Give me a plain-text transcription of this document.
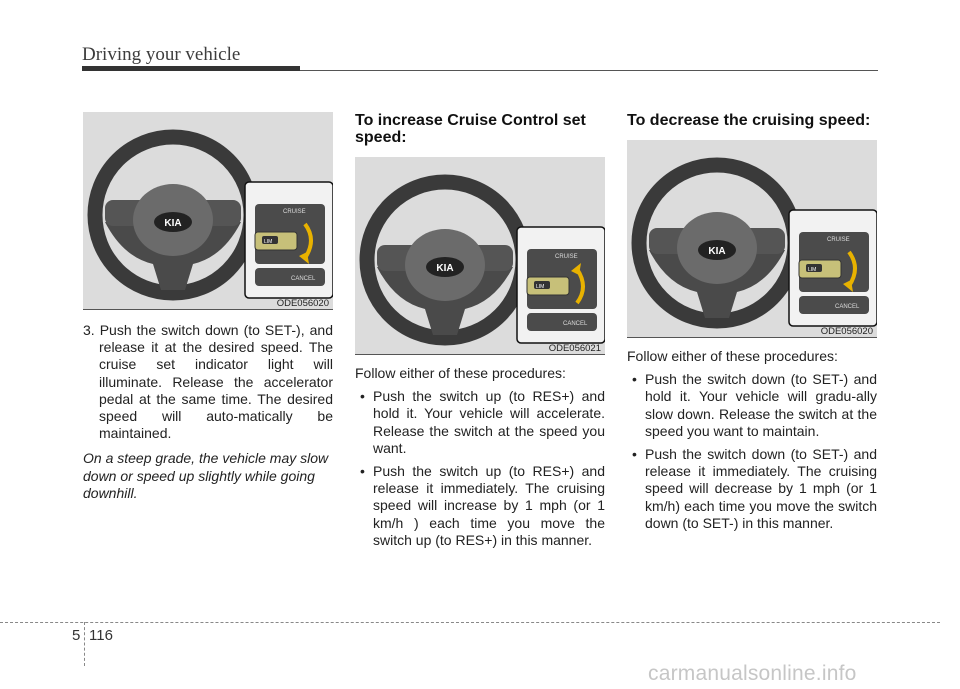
Driving your vehicle
KIA
LIM
CRUISE
CANCEL
ODE056020

3. Push the switch down (to SET-), and release it at the desired speed. The cruise set indicator light will illuminate. Release the accelerator pedal at the same time. The desired speed will auto-matically be maintained.

On a steep grade, the vehicle may slow down or speed up slightly while going downhill.

To increase Cruise Control set speed:
KIA
LIM
CRUISE
CANCEL
ODE056021

Follow either of these procedures:

• Push the switch up (to RES+) and hold it. Your vehicle will accelerate. Release the switch at the speed you want.

• Push the switch up (to RES+) and release it immediately. The cruising speed will increase by 1 mph (or 1 km/h ) each time you move the switch up (to RES+) in this manner.

To decrease the cruising speed:
KIA
LIM
CRUISE
CANCEL
ODE056020

Follow either of these procedures:

• Push the switch down (to SET-) and hold it. Your vehicle will gradu-ally slow down. Release the switch at the speed you want to maintain.

• Push the switch down (to SET-) and release it immediately. The cruising speed will decrease by 1 mph (or 1 km/h) each time you move the switch down (to SET-) in this manner.

5 116
carmanualsonline.info
